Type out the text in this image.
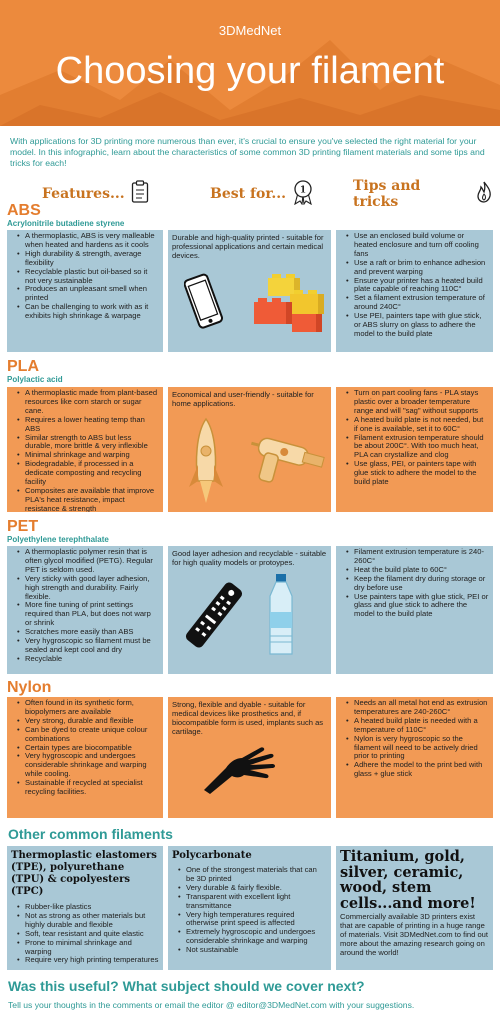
3DMedNet
Choosing your filament
With applications for 3D printing more numerous than ever, it's crucial to ensure you've selected the right material for your model. In this infographic, learn about the characteristics of some common 3D printing filament materials and some tips and tricks for each!
Features...	Best for... 1	Tips and tricks
ABS
Acrylonitrile butadiene styrene
• A thermoplastic, ABS is very malleable when heated and hardens as it cools
• High durability & strength, average flexibility
• Recyclable plastic but oil-based so it not very sustainable
• Produces an unpleasant smell when printed
• Can be challenging to work with as it exhibits high shrinkage & warpage
Durable and high-quality printed - suitable for professional applications and certain medical devices.
• Use an enclosed build volume or heated enclosure and turn off cooling fans
• Use a raft or brim to enhance adhesion and prevent warping
• Ensure your printer has a heated build plate capable of reaching 110C°
• Set a filament extrusion temperature of around 240C°
• Use PEI, painters tape with glue stick, or ABS slurry on glass to adhere the model to the build plate
PLA
Polylactic acid
• A thermoplastic made from plant-based resources like corn starch or sugar cane.
• Requires a lower heating temp than ABS
• Similar strength to ABS but less durable, more brittle & very inflexible
• Minimal shrinkage and warping
• Biodegradable, if processed in a dedicate composting and recycling facility
• Composites are available that improve PLA's heat resistance, impact resistance & strength
Economical and user-friendly - suitable for home applications.
• Turn on part cooling fans - PLA stays plastic over a broader temperature range and will "sag" without supports
• A heated build plate is not needed, but if one is available, set it to 60C°
• Filament extrusion temperature should be about 200C°. With too much heat, PLA can crystallize and clog
• Use glass, PEI, or painters tape with glue stick to adhere the model to the build plate
PET
Polyethylene terephthalate
• A thermoplastic polymer resin that is often glycol modified (PETG). Regular PET is seldom used.
• Very sticky with good layer adhesion, high strength and durability. Fairly flexible.
• More fine tuning of print settings required than PLA, but does not warp or shrink
• Scratches more easily than ABS
• Very hygroscopic so filament must be sealed and kept cool and dry
• Recyclable
Good layer adhesion and recyclable - suitable for high quality models or protoypes.
• Filament extrusion temperature is 240-260C°
• Heat the build plate to 60C°
• Keep the filament dry during storage or dry before use
• Use painters tape with glue stick, PEI or glass and glue stick to adhere the model to the build plate
Nylon
• Often found in its synthetic form, biopolymers are available
• Very strong, durable and flexible
• Can be dyed to create unique colour combinations
• Certain types are biocompatible
• Very hygroscopic and undergoes considerable shrinkage and warping while cooling.
• Sustainable if recycled at specialist recycling facilities.
Strong, flexible and dyable - suitable for medical devices like prosthetics and, if biocompatible form is used, implants such as cartilage.
• Needs an all metal hot end as extrusion temperatures are 240-260C°
• A heated build plate is needed with a temperature of 110C°
• Nylon is very hygroscopic so the filament will need to be actively dried prior to printing
• Adhere the model to the print bed with glass + glue stick
Other common filaments
Thermoplastic elastomers (TPE), polyurethane (TPU) & copolyesters (TPC)
• Rubber-like plastics
• Not as strong as other materials but highly durable and flexible
• Soft, tear resistant and quite elastic
• Prone to minimal shrinkage and warping
• Require very high printing temperatures
Polycarbonate
• One of the strongest materials that can be 3D printed
• Very durable & fairly flexible.
• Transparent with excellent light transmittance
• Very high temperatures required otherwise print speed is affected
• Extremely hygroscopic and undergoes considerable shrinkage and warping
• Not sustainable
Titanium, gold, silver, ceramic, wood, stem cells...and more!
Commercially available 3D printers exist that are capable of printing in a huge range of materials. Visit 3DMedNet.com to find out more about the amazing research going on around the world!
Was this useful? What subject should we cover next?
Tell us your thoughts in the comments or email the editor @ editor@3DMedNet.com with your suggestions.
